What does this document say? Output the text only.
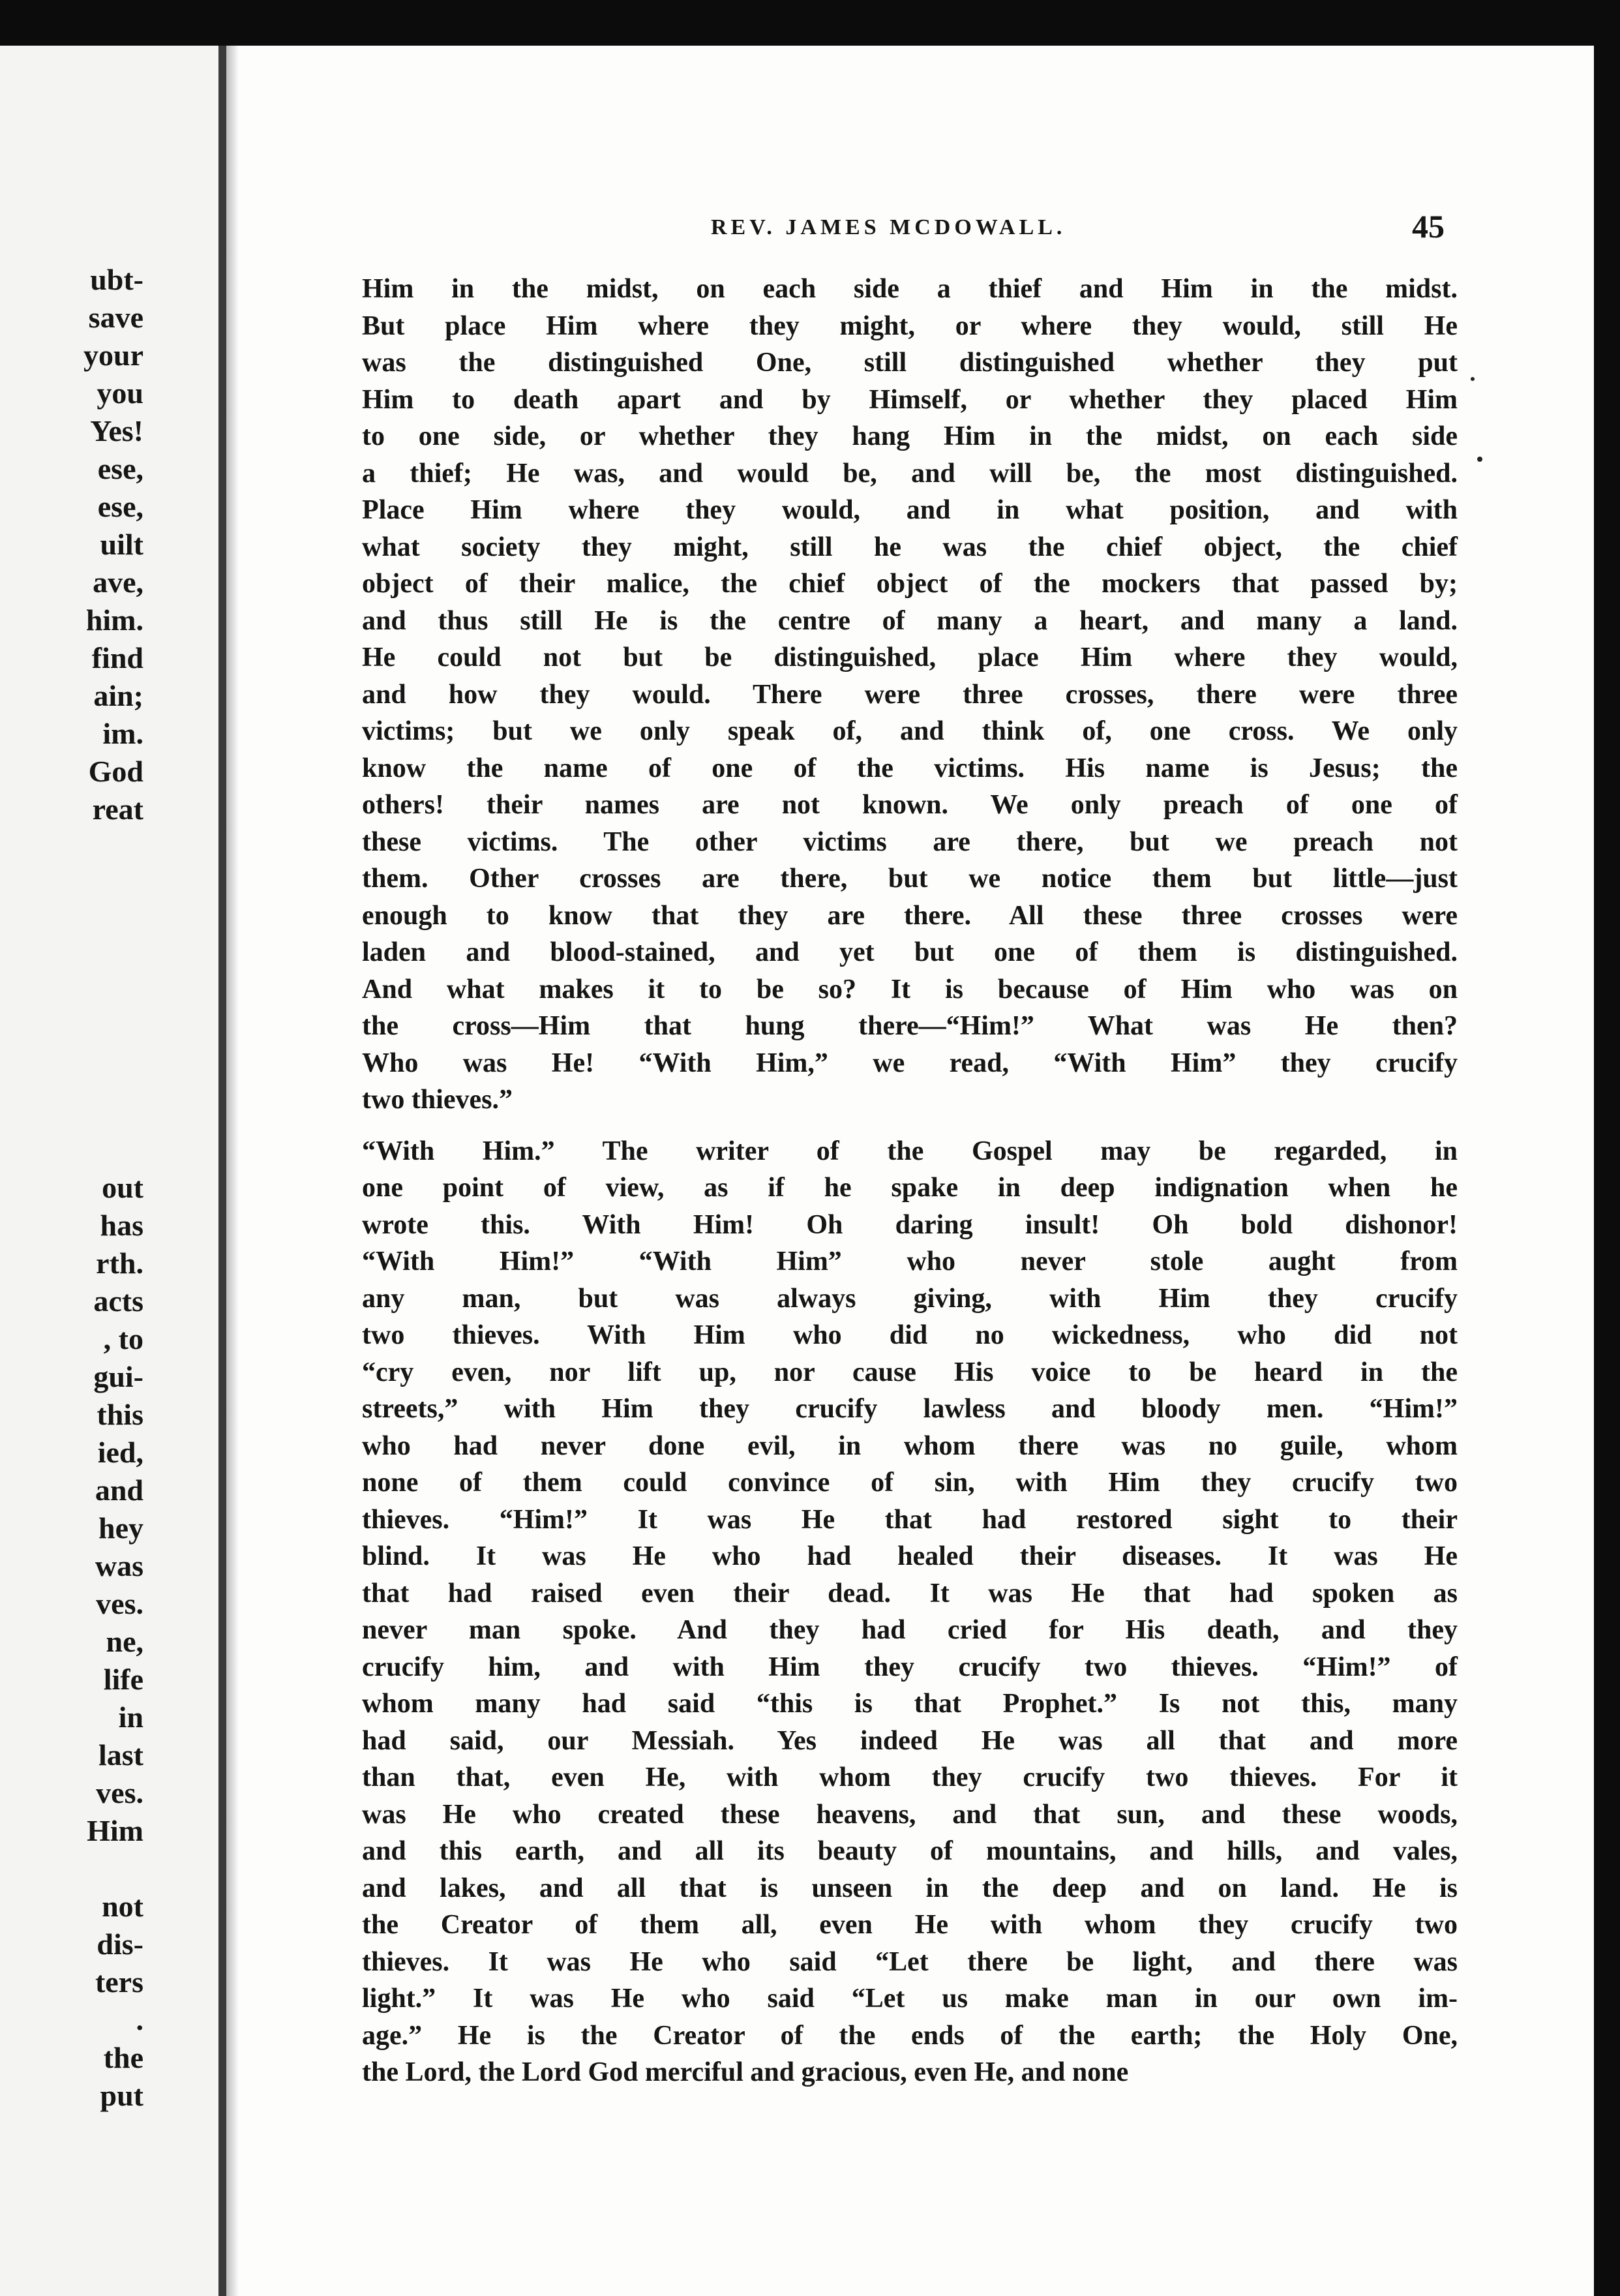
ubt-
save
your
you
Yes!
ese,
ese,
uilt
ave,
him.
find
ain;
im.
God
reat

out
has
rth.
acts
, to
gui-
this
ied,
and
hey
was
ves.
ne,
life
in
last
ves.
Him

not
dis-
ters
.
the
put
REV. JAMES MCDOWALL.	45
Him in the midst, on each side a thief and Him in the midst.
But place Him where they might, or where they would, still He
was the distinguished One, still distinguished whether they put
Him to death apart and by Himself, or whether they placed Him
to one side, or whether they hang Him in the midst, on each side
a thief; He was, and would be, and will be, the most distinguished.
Place Him where they would, and in what position, and with
what society they might, still he was the chief object, the chief
object of their malice, the chief object of the mockers that passed by;
and thus still He is the centre of many a heart, and many a land.
He could not but be distinguished, place Him where they would,
and how they would. There were three crosses, there were three
victims; but we only speak of, and think of, one cross. We only
know the name of one of the victims. His name is Jesus; the
others! their names are not known. We only preach of one of
these victims. The other victims are there, but we preach not
them. Other crosses are there, but we notice them but little—just
enough to know that they are there. All these three crosses were
laden and blood-stained, and yet but one of them is distinguished.
And what makes it to be so? It is because of Him who was on
the cross—Him that hung there—“Him!” What was He then?
Who was He! “With Him,” we read, “With Him” they crucify
two thieves.”
“With Him.” The writer of the Gospel may be regarded, in
one point of view, as if he spake in deep indignation when he
wrote this. With Him! Oh daring insult! Oh bold dishonor!
“With Him!” “With Him” who never stole aught from
any man, but was always giving, with Him they crucify
two thieves. With Him who did no wickedness, who did not
“cry even, nor lift up, nor cause His voice to be heard in the
streets,” with Him they crucify lawless and bloody men. “Him!”
who had never done evil, in whom there was no guile, whom
none of them could convince of sin, with Him they crucify two
thieves. “Him!” It was He that had restored sight to their
blind. It was He who had healed their diseases. It was He
that had raised even their dead. It was He that had spoken as
never man spoke. And they had cried for His death, and they
crucify him, and with Him they crucify two thieves. “Him!” of
whom many had said “this is that Prophet.” Is not this, many
had said, our Messiah. Yes indeed He was all that and more
than that, even He, with whom they crucify two thieves. For it
was He who created these heavens, and that sun, and these woods,
and this earth, and all its beauty of mountains, and hills, and vales,
and lakes, and all that is unseen in the deep and on land. He is
the Creator of them all, even He with whom they crucify two
thieves. It was He who said “Let there be light, and there was
light.” It was He who said “Let us make man in our own im-
age.” He is the Creator of the ends of the earth; the Holy One,
the Lord, the Lord God merciful and gracious, even He, and none
